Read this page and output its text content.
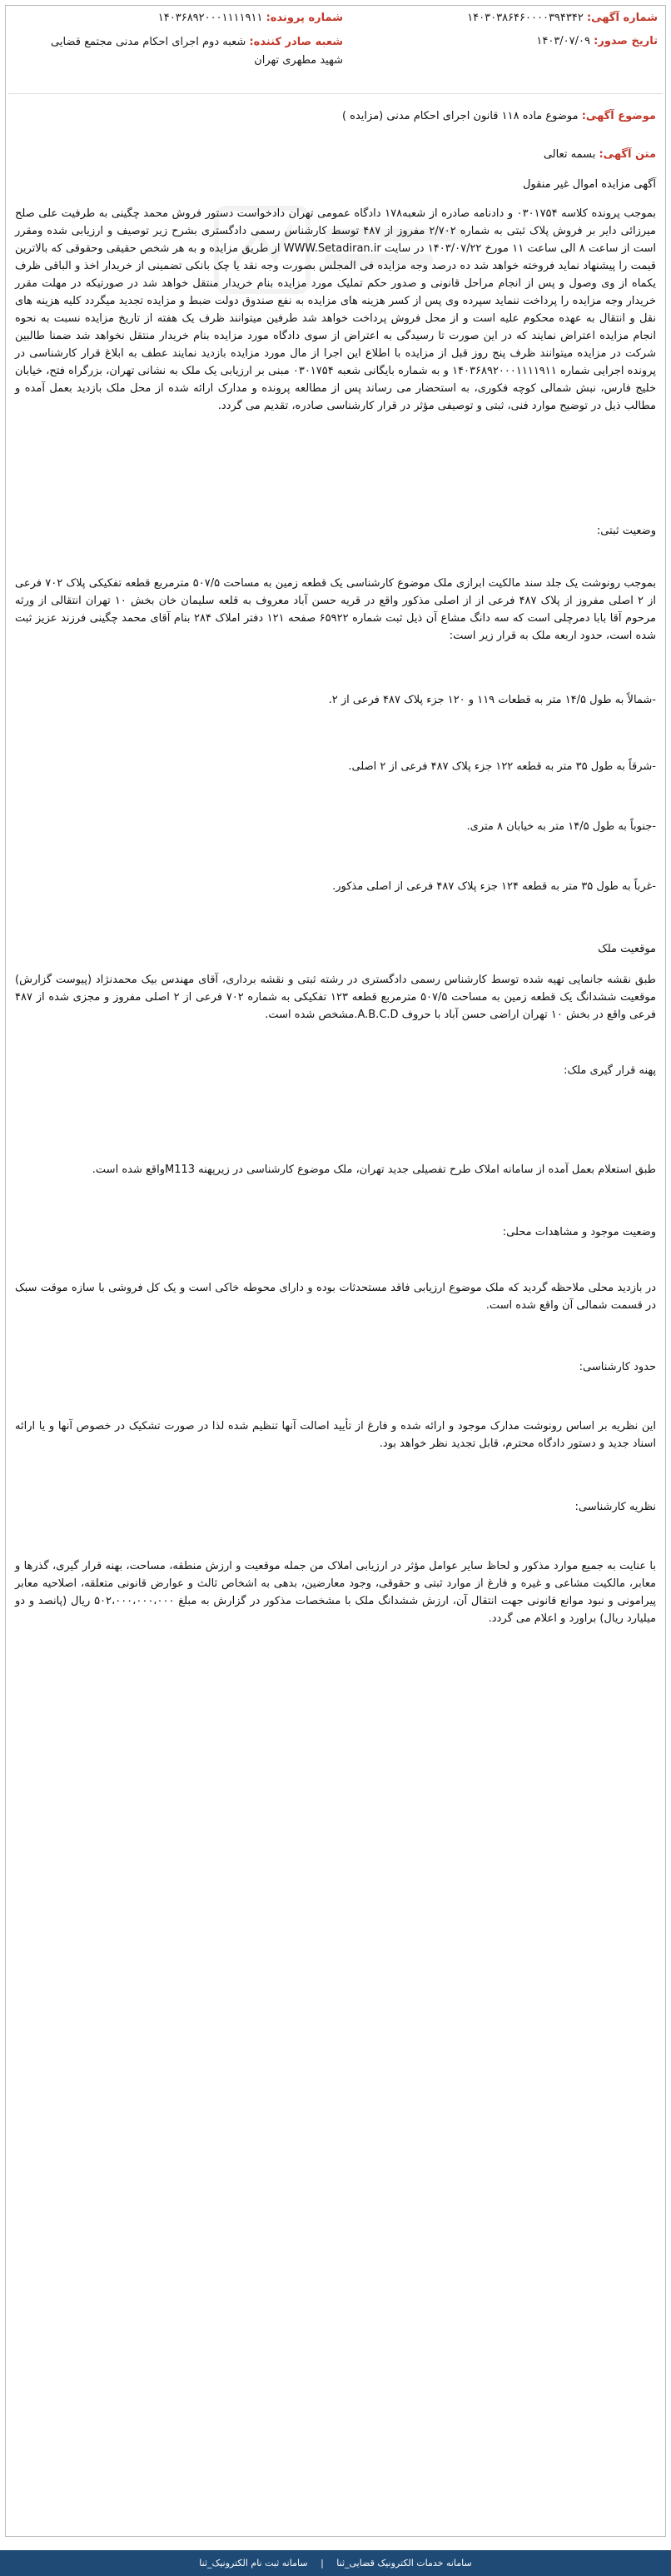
شماره آگهی: ۱۴۰۳۰۳۸۶۴۶۰۰۰۰۳۹۴۳۴۲
تاریخ صدور: ۱۴۰۳/۰۷/۰۹
شماره پرونده: ۱۴۰۳۶۸۹۲۰۰۰۱۱۱۱۹۱۱
شعبه صادر کننده: شعبه دوم اجرای احکام مدنی مجتمع قضایی شهید مطهری تهران
موضوع آگهی: موضوع ماده ۱۱۸ قانون اجرای احکام مدنی (مزایده )
متن آگهی: بسمه تعالی
آگهی مزایده اموال غیر منقول
بموجب پرونده کلاسه ۰۳۰۱۷۵۴ و دادنامه صادره از شعبه۱۷۸ دادگاه عمومی تهران دادخواست دستور فروش محمد چگینی به طرفیت علی صلح میرزائی دایر بر فروش پلاک ثبتی به شماره ۲/۷۰۲ مفروز از ۴۸۷ توسط کارشناس رسمی دادگستری بشرح زیر توصیف و ارزیابی شده ومقرر است از ساعت ۸ الی ساعت ۱۱ مورخ ۱۴۰۳/۰۷/۲۲ در سایت WWW.Setadiran.ir از طریق مزایده و به هر شخص حقیقی وحقوقی که بالاترین قیمت را پیشنهاد نماید فروخته خواهد شد ده درصد وجه مزایده فی المجلس بصورت وجه نقد یا چک بانکی تضمینی از خریدار اخذ و الباقی ظرف یکماه از وی وصول و پس از انجام مراحل قانونی و صدور حکم تملیک مورد مزایده بنام خریدار منتقل خواهد شد در صورتیکه در مهلت مقرر خریدار وجه مزایده را پرداخت ننماید سپرده وی پس از کسر هزینه های مزایده به نفع صندوق دولت ضبط و مزایده تجدید میگردد کلیه هزینه های نقل و انتقال به عهده محکوم علیه است و از محل فروش پرداخت خواهد شد طرفین میتوانند ظرف یک هفته از تاریخ مزایده نسبت به نحوه انجام مزایده اعتراض نمایند که در این صورت تا رسیدگی به اعتراض از سوی دادگاه مورد مزایده بنام خریدار منتقل نخواهد شد ضمنا طالبین شرکت در مزایده میتوانند ظرف پنج روز قبل از مزایده با اطلاع این اجرا از مال مورد مزایده بازدید نمایند عطف به ابلاغ قرار کارشناسی در پرونده اجرایی شماره ۱۴۰۳۶۸۹۲۰۰۰۱۱۱۱۹۱۱ و به شماره بایگانی شعبه ۰۳۰۱۷۵۴ مبنی بر ارزیابی یک ملک به نشانی تهران، بزرگراه فتح، خیابان خلیج فارس، نبش شمالی کوچه فکوری، به استحضار می رساند پس از مطالعه پرونده و مدارک ارائه شده از محل ملک بازدید بعمل آمده و مطالب ذیل در توضیح موارد فنی، ثبتی و توصیفی مؤثر در قرار کارشناسی صادره، تقدیم می گردد.
وضعیت ثبتی:
بموجب رونوشت یک جلد سند مالکیت ابرازی ملک موضوع کارشناسی یک قطعه زمین به مساحت ۵۰۷/۵ مترمربع قطعه تفکیکی پلاک ۷۰۲ فرعی از ۲ اصلی مفروز از پلاک ۴۸۷ فرعی از از اصلی مذکور واقع در قریه حسن آباد معروف به قلعه سلیمان خان بخش ۱۰ تهران انتقالی از ورثه مرحوم آقا بابا دمرچلی است که سه دانگ مشاع آن ذیل ثبت شماره ۶۵۹۲۲ صفحه ۱۲۱ دفتر املاک ۲۸۴ بنام آقای محمد چگینی فرزند عزیز ثبت شده است، حدود اربعه ملک به قرار زیر است:
-شمالاً به طول ۱۴/۵ متر به قطعات ۱۱۹ و ۱۲۰ جزء پلاک ۴۸۷ فرعی از ۲.
-شرقاً به طول ۳۵ متر به قطعه ۱۲۲ جزء پلاک ۴۸۷ فرعی از ۲ اصلی.
-جنوباً به طول ۱۴/۵ متر به خیابان ۸ متری.
-غرباً به طول ۳۵ متر به قطعه ۱۲۴ جزء پلاک ۴۸۷ فرعی از اصلی مذکور.
موقعیت ملک
طبق نقشه جانمایی تهیه شده توسط کارشناس رسمی دادگستری در رشته ثبتی و نقشه برداری، آقای مهندس بیک محمدنژاد (پیوست گزارش) موقعیت ششدانگ یک قطعه زمین به مساحت ۵۰۷/۵ مترمربع قطعه ۱۲۳ تفکیکی به شماره ۷۰۲ فرعی از ۲ اصلی مفروز و مجزی شده از ۴۸۷ فرعی واقع در بخش ۱۰ تهران اراضی حسن آباد با حروف A.B.C.D.مشخص شده است.
پهنه قرار گیری ملک:
طبق استعلام بعمل آمده از سامانه املاک طرح تفصیلی جدید تهران، ملک موضوع کارشناسی در زیرپهنه M113واقع شده است.
وضعیت موجود و مشاهدات محلی:
در بازدید محلی ملاحظه گردید که ملک موضوع ارزیابی فاقد مستحدثات بوده و دارای محوطه خاکی است و یک کل فروشی با سازه موقت سبک در قسمت شمالی آن واقع شده است.
حدود کارشناسی:
این نظریه بر اساس رونوشت مدارک موجود و ارائه شده و فارغ از تأیید اصالت آنها تنظیم شده لذا در صورت تشکیک در خصوص آنها و یا ارائه اسناد جدید و دستور دادگاه محترم، قابل تجدید نظر خواهد بود.
نظریه کارشناسی:
با عنایت به جمیع موارد مذکور و لحاظ سایر عوامل مؤثر در ارزیابی املاک من جمله موقعیت و ارزش منطقه، مساحت، بهنه قرار گیری، گذرها و معابر، مالکیت مشاعی و غیره و فارغ از موارد ثبتی و حقوقی، وجود معارضین، بدهی به اشخاص ثالث و عوارض قانونی متعلقه، اصلاحیه معابر پیرامونی و نبود موانع قانونی جهت انتقال آن، ارزش ششدانگ ملک با مشخصات مذکور در گزارش به مبلغ ۵۰۲،۰۰۰،۰۰۰،۰۰۰ ریال (پانصد و دو میلیارد ریال) براورد و اعلام می گردد.
سامانه خدمات الکترونیک قضایی_ثنا | سامانه ثبت نام الکترونیک_ثنا
